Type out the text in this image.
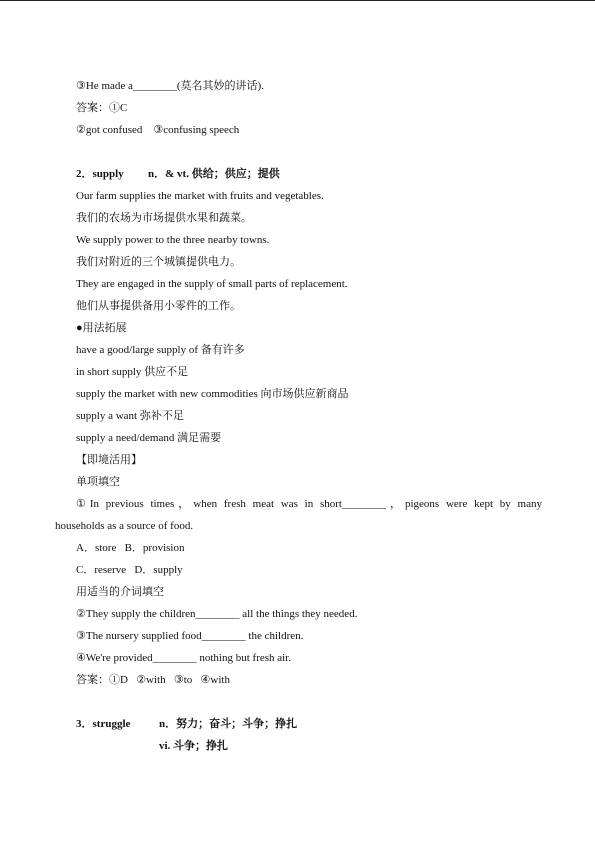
③He made a________(莫名其妙的讲话).
答案：①C
②got confused    ③confusing speech
2．supply n．& vt. 供给；供应；提供
Our farm supplies the market with fruits and vegetables.
我们的农场为市场提供水果和蔬菜。
We supply power to the three nearby towns.
我们对附近的三个城镇提供电力。
They are engaged in the supply of small parts of replacement.
他们从事提供备用小零件的工作。
●用法拓展
have a good/large supply of 备有许多
in short supply 供应不足
supply the market with new commodities 向市场供应新商品
supply a want 弥补不足
supply a need/demand 满足需要
【即境活用】
单项填空
①In previous times，when fresh meat was in short________，pigeons were kept by many
households as a source of food.
A．store   B．provision
C．reserve   D．supply
用适当的介词填空
②They supply the children________ all the things they needed.
③The nursery supplied food________ the children.
④We're provided________ nothing but fresh air.
答案：①D   ②with   ③to   ④with
3．struggle	n．努力；奋斗；斗争；挣扎
vi. 斗争；挣扎
